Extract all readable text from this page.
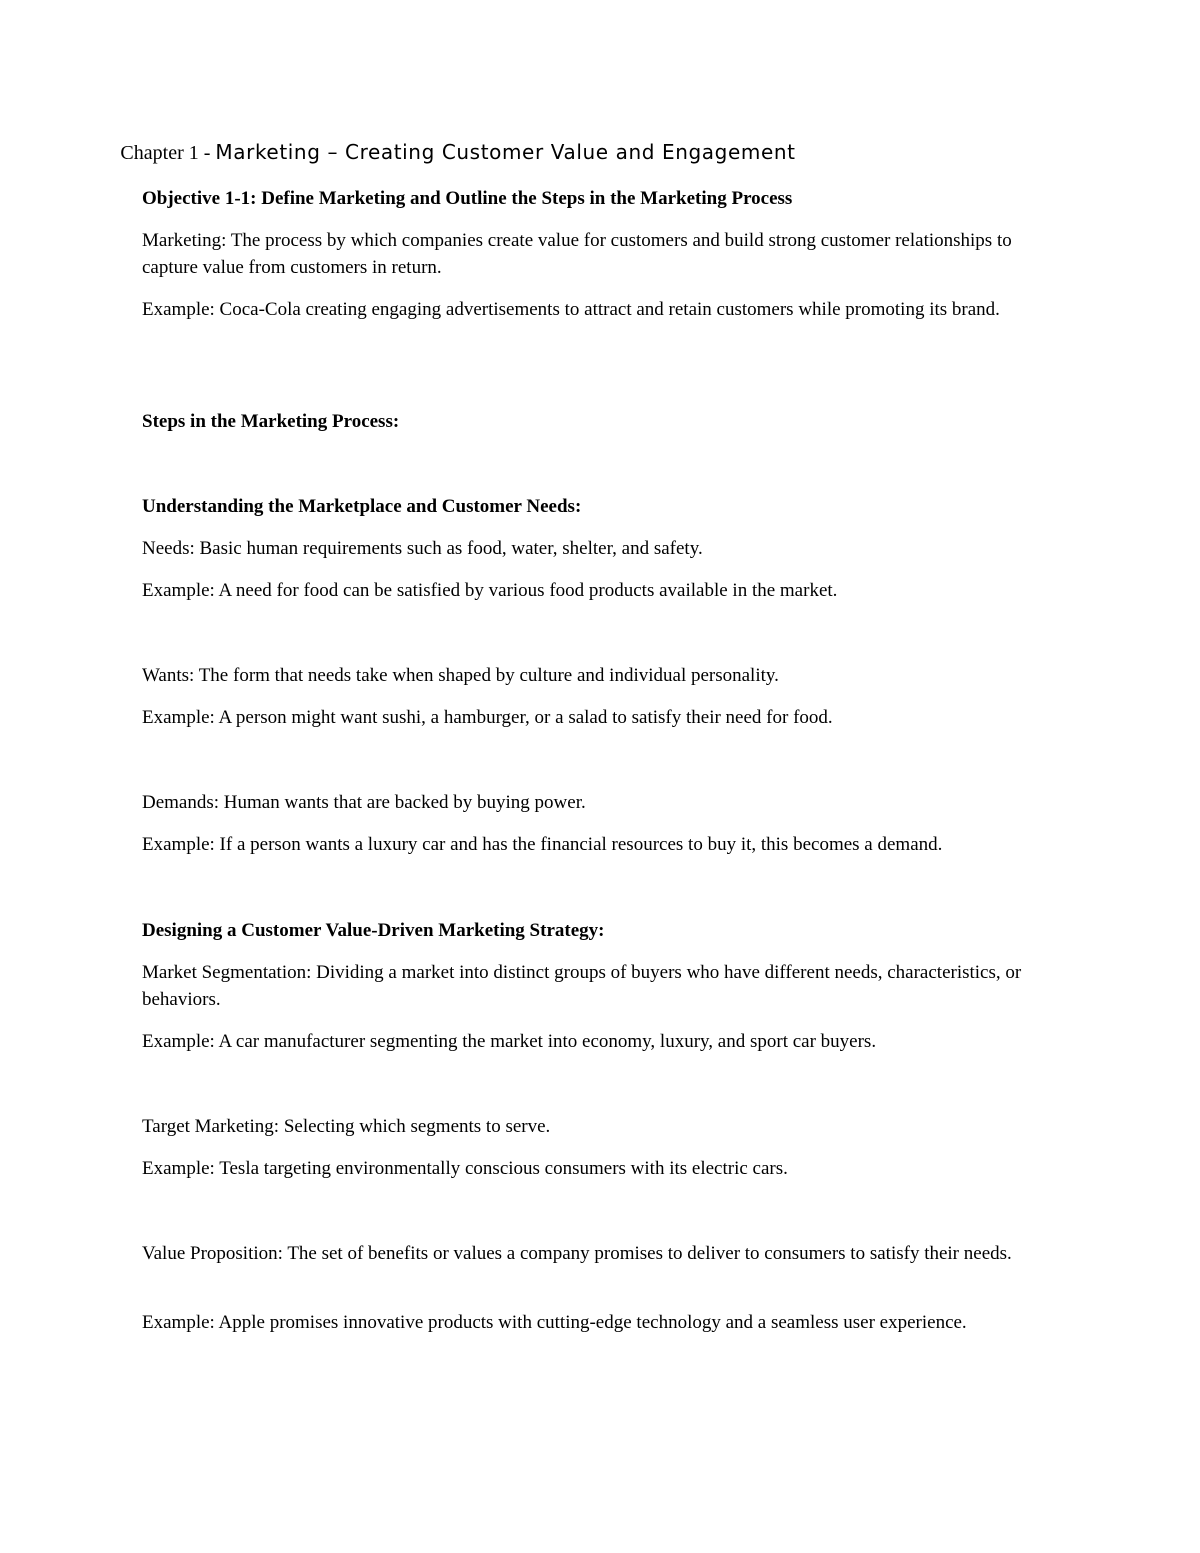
Chapter 1 - Marketing – Creating Customer Value and Engagement

Objective 1-1: Define Marketing and Outline the Steps in the Marketing Process

Marketing: The process by which companies create value for customers and build strong customer relationships to capture value from customers in return.

Example: Coca-Cola creating engaging advertisements to attract and retain customers while promoting its brand.

Steps in the Marketing Process:

Understanding the Marketplace and Customer Needs:

Needs: Basic human requirements such as food, water, shelter, and safety.

Example: A need for food can be satisfied by various food products available in the market.

Wants: The form that needs take when shaped by culture and individual personality.

Example: A person might want sushi, a hamburger, or a salad to satisfy their need for food.

Demands: Human wants that are backed by buying power.

Example: If a person wants a luxury car and has the financial resources to buy it, this becomes a demand.

Designing a Customer Value-Driven Marketing Strategy:

Market Segmentation: Dividing a market into distinct groups of buyers who have different needs, characteristics, or behaviors.

Example: A car manufacturer segmenting the market into economy, luxury, and sport car buyers.

Target Marketing: Selecting which segments to serve.

Example: Tesla targeting environmentally conscious consumers with its electric cars.

Value Proposition: The set of benefits or values a company promises to deliver to consumers to satisfy their needs.

Example: Apple promises innovative products with cutting-edge technology and a seamless user experience.
